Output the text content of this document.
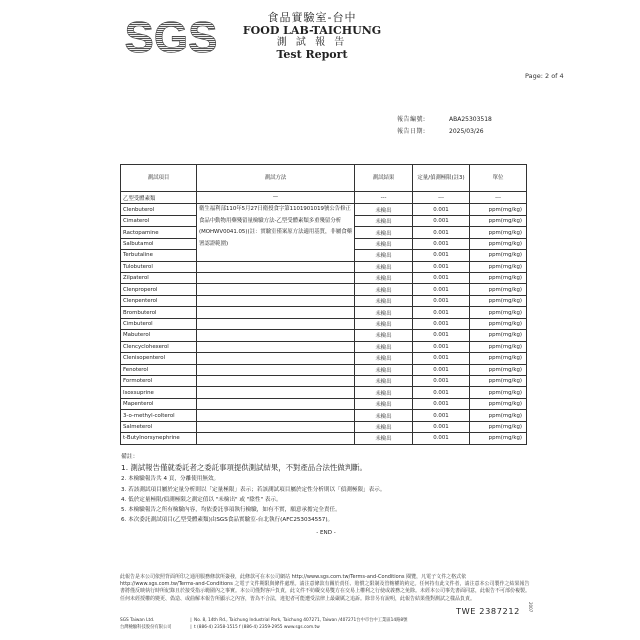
SGS	食品實驗室-台中
FOOD LAB-TAICHUNG
測 試 報 告
Test Report
Page: 2 of 4
報告編號:	ABA25303518
報告日期:	2025/03/26
測試項目	測試方法	測試結果	定量/偵測極限(註3)	單位
乙型受體素類	—	---	---	---
Clenbuterol	衛生福利部110年5月27日衛授食字第1101901019號公告修正食品中動物用藥殘留量檢驗方法-乙型受體素類多重殘留分析(MOHWV0041.05)(註：實驗室僅案原方法適用基質，非屬食藥署認證範圍)	未檢出	0.001	ppm(mg/kg)
Cimaterol		未檢出	0.001	ppm(mg/kg)
Ractopamine		未檢出	0.001	ppm(mg/kg)
Salbutamol		未檢出	0.001	ppm(mg/kg)
Terbutaline		未檢出	0.001	ppm(mg/kg)
Tulobuterol		未檢出	0.001	ppm(mg/kg)
Zilpaterol		未檢出	0.001	ppm(mg/kg)
Clenproperol		未檢出	0.001	ppm(mg/kg)
Clenpenterol		未檢出	0.001	ppm(mg/kg)
Brombuterol		未檢出	0.001	ppm(mg/kg)
Cimbuterol		未檢出	0.001	ppm(mg/kg)
Mabuterol		未檢出	0.001	ppm(mg/kg)
Clencyclohexerol		未檢出	0.001	ppm(mg/kg)
Clenisopenterol		未檢出	0.001	ppm(mg/kg)
Fenoterol		未檢出	0.001	ppm(mg/kg)
Formoterol		未檢出	0.001	ppm(mg/kg)
Isoxsuprine		未檢出	0.001	ppm(mg/kg)
Mapenterol		未檢出	0.001	ppm(mg/kg)
3-o-methyl-colterol		未檢出	0.001	ppm(mg/kg)
Salmeterol		未檢出	0.001	ppm(mg/kg)
t-Butylnorsynephrine		未檢出	0.001	ppm(mg/kg)
備註：
1. 測試報告僅就委託者之委託事項提供測試結果，不對產品合法性做判斷。
2. 本檢驗報告共 4 頁，分離使用無效。
3. 若該測試項目屬於定量分析則以「定量極限」表示；若該測試項目屬於定性分析則以「偵測極限」表示。
4. 低於定量極限/偵測極限之測定值以 "未檢出" 或 "陰性" 表示。
5. 本檢驗報告之所有檢驗內容，均依委託事項執行檢驗，如有不實，願意承擔完全責任。
6. 本次委託測試項目(乙型受體素類)由SGS食品實驗室-台北執行(AFC253034557)。
- END -
此報告是本公司依照背面所印之通用服務條款所簽發，此條款可在本公司網站 http://www.sgs.com.tw/Terms-and-Conditions 閱覽，凡電子文件之格式依 http://www.sgs.com.tw/Terms-and-Conditions 之電子文件期限與條件處理。請注意條款有關於責任、賠償之限制及管轄權的約定。任何持有此文件者，請注意本公司製作之結果報告書將僅反映執行時所紀錄且於接受指示範圍內之事實。本公司僅對客戶負責，此文件不妨礙交易雙方在交易上權利之行使或義務之免除。未經本公司事先書面同意，此報告不可部份複製。任何未經授權的變更、偽造、或曲解本報告所顯示之內容，皆為不合法，違犯者可能遭受法律上最嚴厲之追訴。除非另有說明，此報告結果僅對測試之樣品負責。
TWE 2387212 2007
SGS Taiwan Ltd.	| No. 8, 14th Rd., Taichung Industrial Park, Taichung 407271, Taiwan /407271台中市台中工業區14路8號
台灣檢驗科技股份有限公司	| t (886-4) 2358-1515 f (886-4) 2359-2955 www.sgs.com.tw
